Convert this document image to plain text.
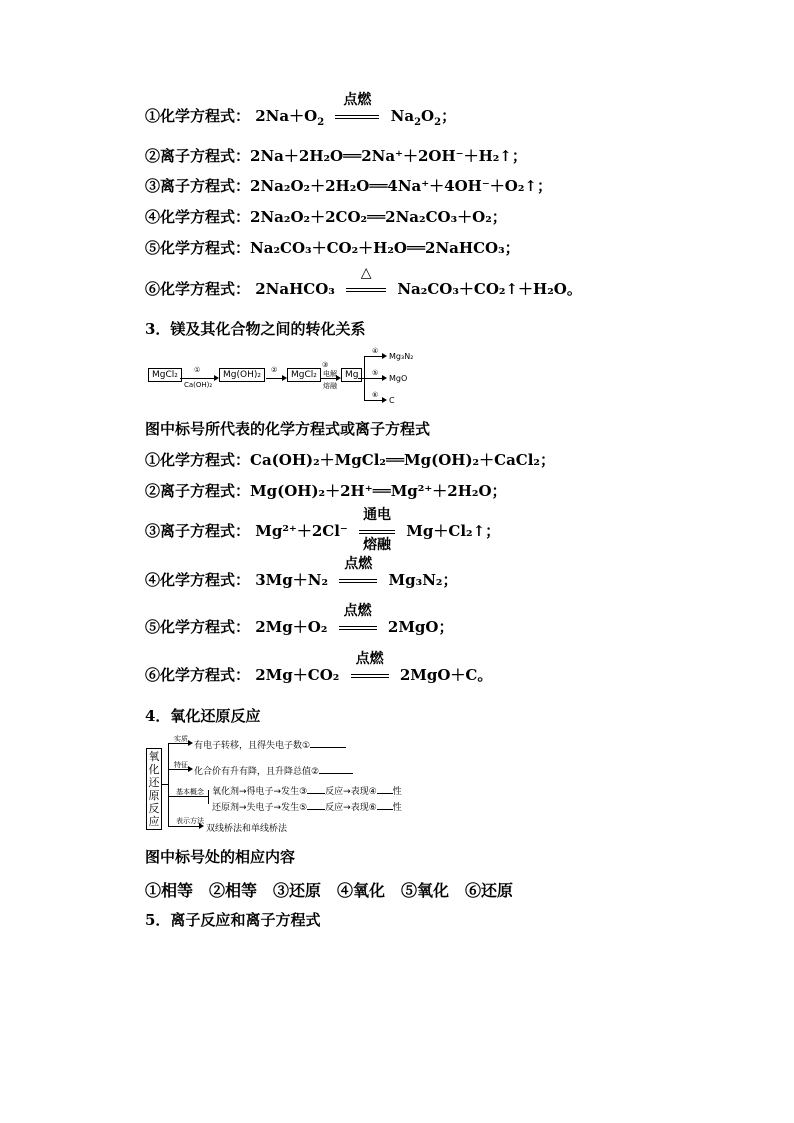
①化学方程式： $2Na+O_2$
点燃
$Na_2O_2$；
②离子方程式：2Na＋2H₂O══2Na⁺＋2OH⁻＋H₂↑；
③离子方程式：2Na₂O₂＋2H₂O══4Na⁺＋4OH⁻＋O₂↑；
④化学方程式：2Na₂O₂＋2CO₂══2Na₂CO₃＋O₂；
⑤化学方程式：Na₂CO₃＋CO₂＋H₂O══2NaHCO₃；
⑥化学方程式： 2NaHCO₃
△
Na₂CO₃＋CO₂↑＋H₂O。
3．镁及其化合物之间的转化关系
MgCl₂	①
Ca(OH)₂
Mg(OH)₂	②	MgCl₂
③
电解
熔融
Mg
④
⑤
⑥
Mg₃N₂
MgO
C
图中标号所代表的化学方程式或离子方程式
①化学方程式：Ca(OH)₂＋MgCl₂══Mg(OH)₂＋CaCl₂；
②离子方程式：Mg(OH)₂＋2H⁺══Mg²⁺＋2H₂O；
③离子方程式： Mg²⁺＋2Cl⁻
通电
熔融
Mg＋Cl₂↑；
④化学方程式： 3Mg＋N₂
点燃
Mg₃N₂；
⑤化学方程式： 2Mg＋O₂
点燃
2MgO；
⑥化学方程式： 2Mg＋CO₂
点燃
2MgO＋C。
4．氧化还原反应
氧化还原反应
实质
特征
基本概念
表示方法
有电子转移，且得失电子数①
化合价有升有降，且升降总值②
氧化剂→得电子→发生③ 反应→表现④ 性
还原剂→失电子→发生⑤ 反应→表现⑥ 性
双线桥法和单线桥法
图中标号处的相应内容
①相等　②相等　③还原　④氧化　⑤氧化　⑥还原
5．离子反应和离子方程式
